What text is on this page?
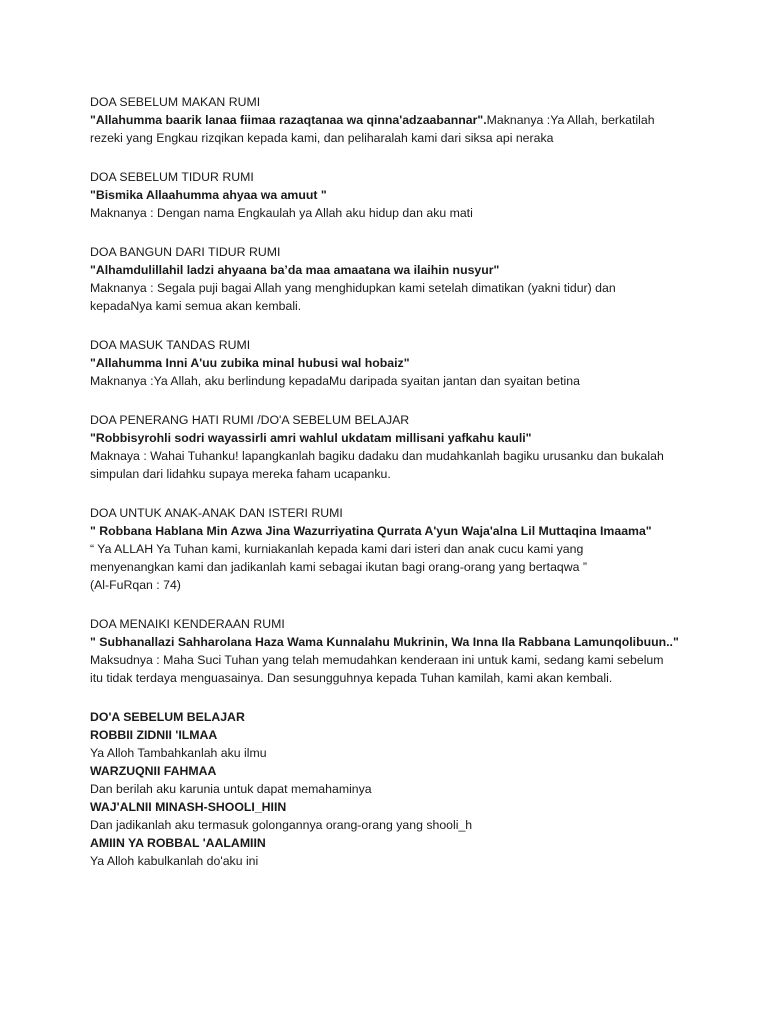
DOA SEBELUM MAKAN RUMI
"Allahumma baarik lanaa fiimaa razaqtanaa wa qinna'adzaabannar".Maknanya :Ya Allah, berkatilah
rezeki yang Engkau rizqikan kepada kami, dan peliharalah kami dari siksa api neraka
DOA SEBELUM TIDUR RUMI
"Bismika Allaahumma ahyaa wa amuut "
Maknanya : Dengan nama Engkaulah ya Allah aku hidup dan aku mati
DOA BANGUN DARI TIDUR RUMI
"Alhamdulillahil ladzi ahyaana ba’da maa amaatana wa ilaihin nusyur"
Maknanya : Segala puji bagai Allah yang menghidupkan kami setelah dimatikan (yakni tidur) dan
kepadaNya kami semua akan kembali.
DOA MASUK TANDAS RUMI
"Allahumma Inni A'uu zubika minal hubusi wal hobaiz"
Maknanya :Ya Allah, aku berlindung kepadaMu daripada syaitan jantan dan syaitan betina
DOA PENERANG HATI RUMI /DO'A SEBELUM BELAJAR
"Robbisyrohli sodri wayassirli amri wahlul ukdatam millisani yafkahu kauli"
Maknaya : Wahai Tuhanku! lapangkanlah bagiku dadaku dan mudahkanlah bagiku urusanku dan bukalah
simpulan dari lidahku supaya mereka faham ucapanku.
DOA UNTUK ANAK-ANAK DAN ISTERI RUMI
" Robbana Hablana Min Azwa Jina Wazurriyatina Qurrata A'yun Waja'alna Lil Muttaqina Imaama"
“ Ya ALLAH Ya Tuhan kami, kurniakanlah kepada kami dari isteri dan anak cucu kami yang
menyenangkan kami dan jadikanlah kami sebagai ikutan bagi orang-orang yang bertaqwa ”
(Al-FuRqan : 74)
DOA MENAIKI KENDERAAN RUMI
" Subhanallazi Sahharolana Haza Wama Kunnalahu Mukrinin, Wa Inna Ila Rabbana Lamunqolibuun.."
Maksudnya : Maha Suci Tuhan yang telah memudahkan kenderaan ini untuk kami, sedang kami sebelum
itu tidak terdaya menguasainya. Dan sesungguhnya kepada Tuhan kamilah, kami akan kembali.
DO'A SEBELUM BELAJAR
ROBBII ZIDNII 'ILMAA
Ya Alloh Tambahkanlah aku ilmu
WARZUQNII FAHMAA
Dan berilah aku karunia untuk dapat memahaminya
WAJ'ALNII MINASH-SHOOLI_HIIN
Dan jadikanlah aku termasuk golongannya orang-orang yang shooli_h
AMIIN YA ROBBAL 'AALAMIIN
Ya Alloh kabulkanlah do'aku ini
